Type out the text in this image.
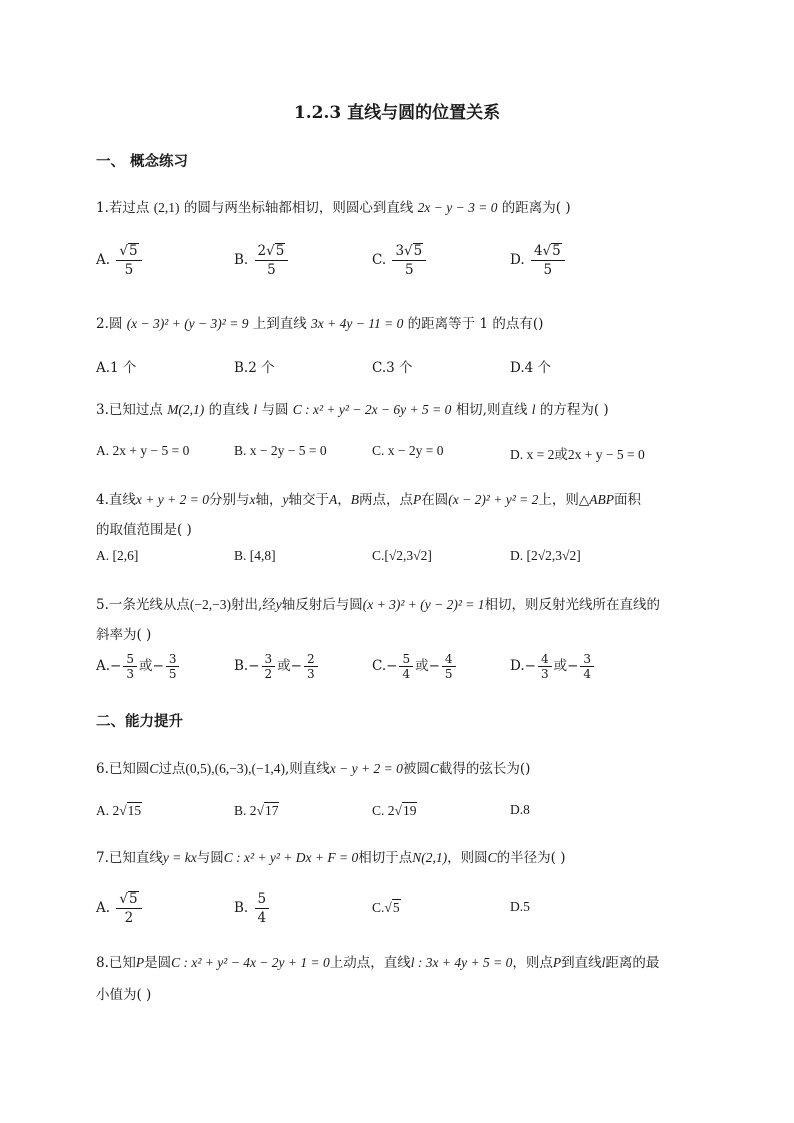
1.2.3 直线与圆的位置关系
一、 概念练习
1.若过点 (2,1) 的圆与两坐标轴都相切，则圆心到直线 2x − y − 3 = 0 的距离为( )
A. $\frac{√ 5}{5}$	B. $\frac{2√ 5}{5}$	C. $\frac{3√ 5}{5}$	D. $\frac{4√ 5}{5}$
2.圆 (x − 3)² + (y − 3)² = 9 上到直线 3x + 4y − 11 = 0 的距离等于 1 的点有()
A.1 个	B.2 个	C.3 个	D.4 个
3.已知过点 M(2,1) 的直线 l 与圆 C : x² + y² − 2x − 6y + 5 = 0 相切,则直线 l 的方程为( )
A. 2x + y − 5 = 0	B. x − 2y − 5 = 0	C. x − 2y = 0	D. x = 2或2x + y − 5 = 0
4.直线x + y + 2 = 0分别与x轴，y轴交于A，B两点，点P在圆(x − 2)² + y² = 2上，则△ABP面积
的取值范围是( )
A. [2,6]	B. [4,8]	C.[√2,3√2]	D. [2√2,3√2]
5.一条光线从点(−2,−3)射出,经y轴反射后与圆(x + 3)² + (y − 2)² = 1相切，则反射光线所在直线的
斜率为( )
$A.- \frac{5}{3}$ 或− $\frac{3}{5}$	$B.- \frac{3}{2}$ 或− $\frac{2}{3}$	$C.- \frac{5}{4}$ 或− $\frac{4}{5}$	$D.- \frac{4}{3}$ 或− $\frac{3}{4}$
二、能力提升
6.已知圆C过点(0,5),(6,−3),(−1,4),则直线x − y + 2 = 0被圆C截得的弦长为()
A. 2√ 15	B. 2√ 17	C. 2√ 19	D.8
7.已知直线y = kx与圆C : x² + y² + Dx + F = 0相切于点N(2,1)，则圆C的半径为( )
A. $\frac{√ 5}{2}$	B. $\frac{5}{4}$	C.√ 5	D.5
8.已知P是圆C : x² + y² − 4x − 2y + 1 = 0上动点，直线l : 3x + 4y + 5 = 0，则点P到直线l距离的最
小值为( )
